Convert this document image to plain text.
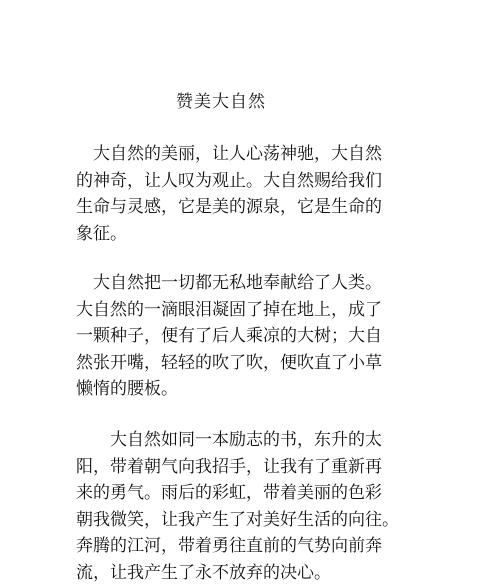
赞美大自然

　大自然的美丽，让人心荡神驰，大自然
的神奇，让人叹为观止。大自然赐给我们
生命与灵感，它是美的源泉，它是生命的
象征。

　大自然把一切都无私地奉献给了人类。
大自然的一滴眼泪凝固了掉在地上，成了
一颗种子，便有了后人乘凉的大树；大自
然张开嘴，轻轻的吹了吹，便吹直了小草
懒惰的腰板。

　　大自然如同一本励志的书，东升的太
阳，带着朝气向我招手，让我有了重新再
来的勇气。雨后的彩虹，带着美丽的色彩
朝我微笑，让我产生了对美好生活的向往。
奔腾的江河，带着勇往直前的气势向前奔
流，让我产生了永不放弃的决心。
